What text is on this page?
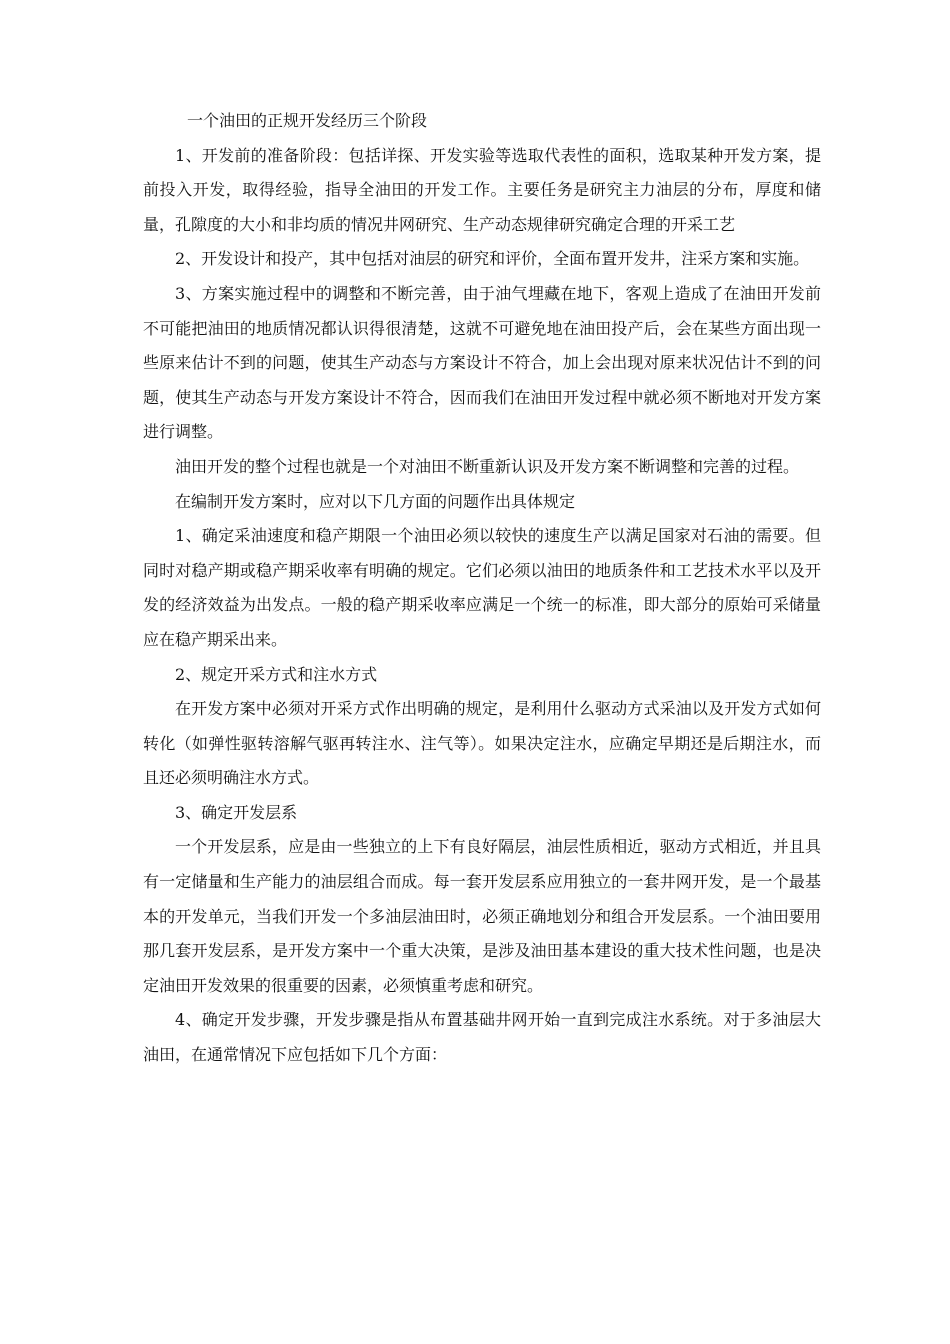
一个油田的正规开发经历三个阶段

1、开发前的准备阶段：包括详探、开发实验等选取代表性的面积，选取某种开发方案，提前投入开发，取得经验，指导全油田的开发工作。主要任务是研究主力油层的分布，厚度和储量，孔隙度的大小和非均质的情况井网研究、生产动态规律研究确定合理的开采工艺

2、开发设计和投产，其中包括对油层的研究和评价，全面布置开发井，注采方案和实施。

3、方案实施过程中的调整和不断完善，由于油气埋藏在地下，客观上造成了在油田开发前不可能把油田的地质情况都认识得很清楚，这就不可避免地在油田投产后，会在某些方面出现一些原来估计不到的问题，使其生产动态与方案设计不符合，加上会出现对原来状况估计不到的问题，使其生产动态与开发方案设计不符合，因而我们在油田开发过程中就必须不断地对开发方案进行调整。

油田开发的整个过程也就是一个对油田不断重新认识及开发方案不断调整和完善的过程。

在编制开发方案时，应对以下几方面的问题作出具体规定

1、确定采油速度和稳产期限一个油田必须以较快的速度生产以满足国家对石油的需要。但同时对稳产期或稳产期采收率有明确的规定。它们必须以油田的地质条件和工艺技术水平以及开发的经济效益为出发点。一般的稳产期采收率应满足一个统一的标准，即大部分的原始可采储量应在稳产期采出来。

2、规定开采方式和注水方式

在开发方案中必须对开采方式作出明确的规定，是利用什么驱动方式采油以及开发方式如何转化（如弹性驱转溶解气驱再转注水、注气等）。如果决定注水，应确定早期还是后期注水，而且还必须明确注水方式。

3、确定开发层系

一个开发层系，应是由一些独立的上下有良好隔层，油层性质相近，驱动方式相近，并且具有一定储量和生产能力的油层组合而成。每一套开发层系应用独立的一套井网开发，是一个最基本的开发单元，当我们开发一个多油层油田时，必须正确地划分和组合开发层系。一个油田要用那几套开发层系，是开发方案中一个重大决策，是涉及油田基本建设的重大技术性问题，也是决定油田开发效果的很重要的因素，必须慎重考虑和研究。

4、确定开发步骤，开发步骤是指从布置基础井网开始一直到完成注水系统。对于多油层大油田，在通常情况下应包括如下几个方面：
